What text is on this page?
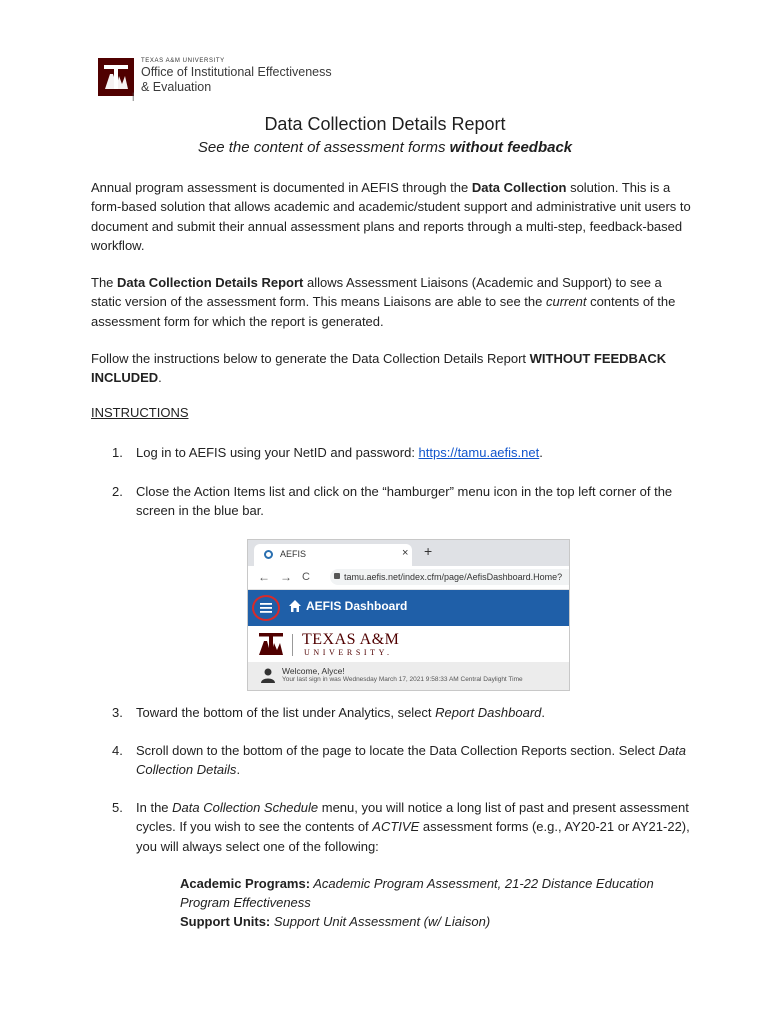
TEXAS A&M UNIVERSITY
Office of Institutional Effectiveness
& Evaluation
|
Data Collection Details Report
See the content of assessment forms without feedback
Annual program assessment is documented in AEFIS through the Data Collection solution. This is a form-based solution that allows academic and academic/student support and administrative unit users to document and submit their annual assessment plans and reports through a multi-step, feedback-based workflow.
The Data Collection Details Report allows Assessment Liaisons (Academic and Support) to see a static version of the assessment form. This means Liaisons are able to see the current contents of the assessment form for which the report is generated.
Follow the instructions below to generate the Data Collection Details Report WITHOUT FEEDBACK INCLUDED.
INSTRUCTIONS
1. Log in to AEFIS using your NetID and password: https://tamu.aefis.net.
2. Close the Action Items list and click on the “hamburger” menu icon in the top left corner of the screen in the blue bar.
AEFIS	× +
← → C	tamu.aefis.net/index.cfm/page/AefisDashboard.Home?
AEFIS Dashboard
TEXAS A&M
UNIVERSITY.
Welcome, Alyce!
Your last sign in was Wednesday March 17, 2021 9:58:33 AM Central Daylight Time
3. Toward the bottom of the list under Analytics, select Report Dashboard.
4. Scroll down to the bottom of the page to locate the Data Collection Reports section. Select Data Collection Details.
5. In the Data Collection Schedule menu, you will notice a long list of past and present assessment cycles. If you wish to see the contents of ACTIVE assessment forms (e.g., AY20-21 or AY21-22), you will always select one of the following:
Academic Programs: Academic Program Assessment, 21-22 Distance Education Program Effectiveness
Support Units: Support Unit Assessment (w/ Liaison)
